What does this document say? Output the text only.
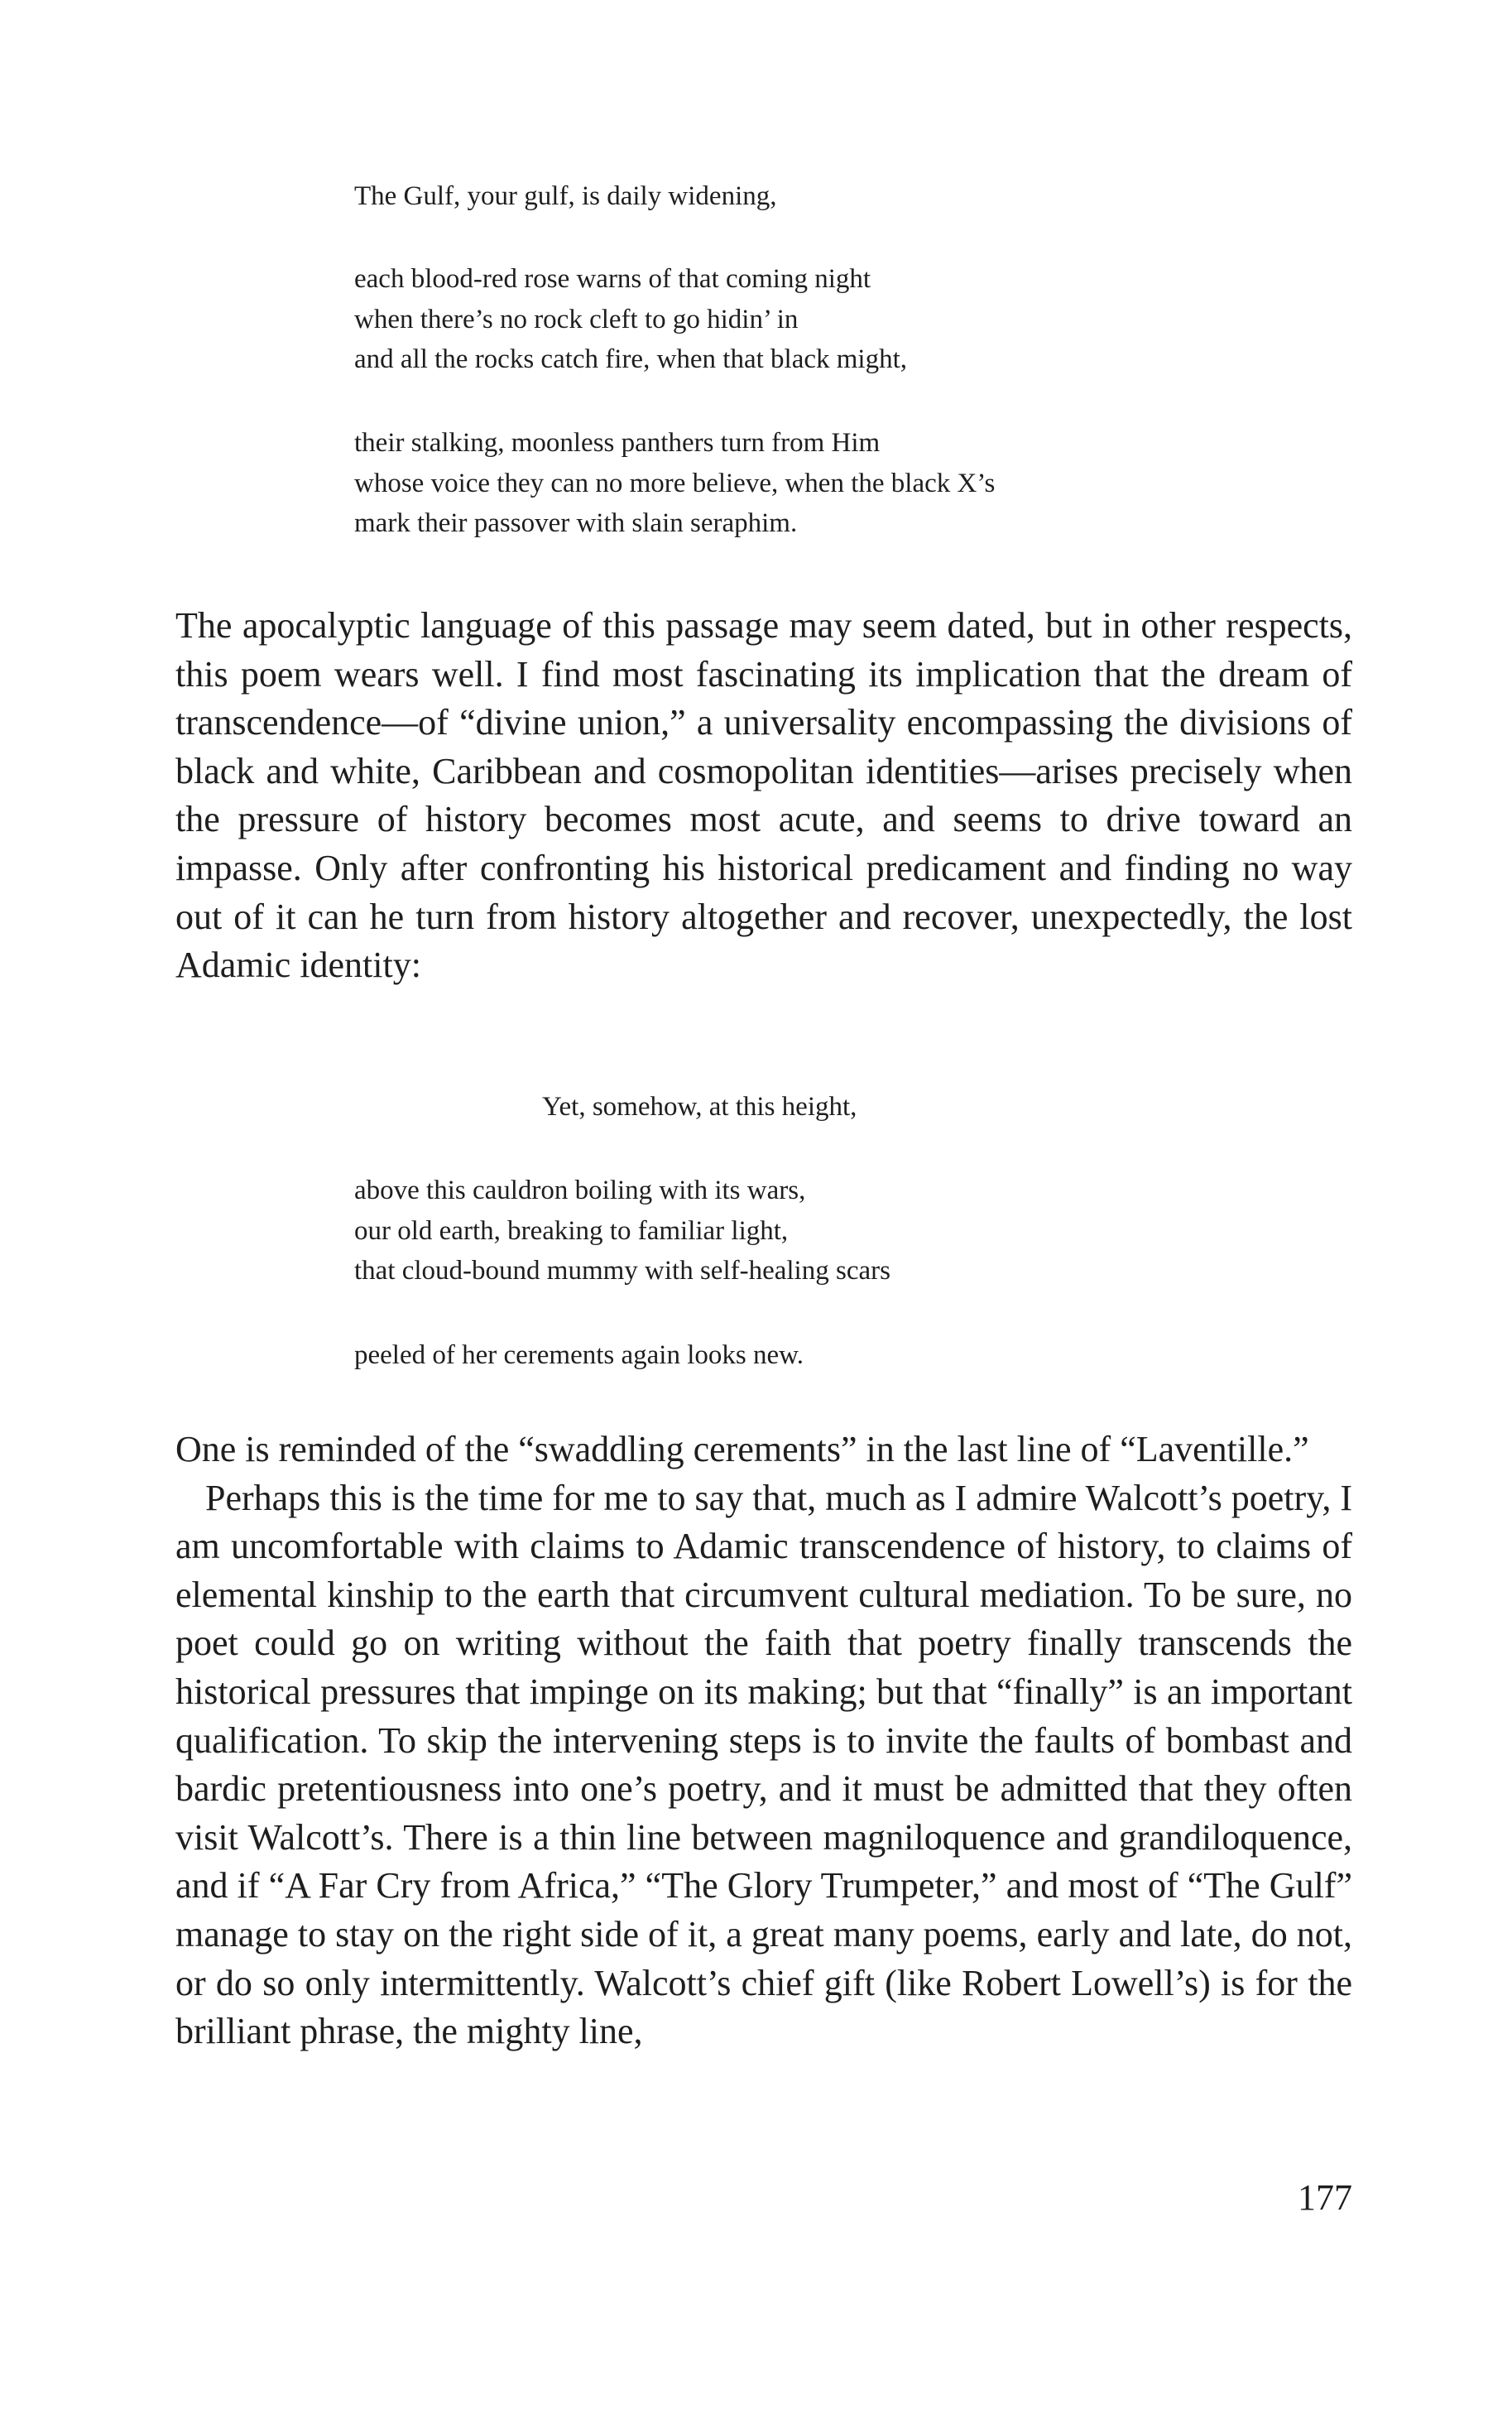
The Gulf, your gulf, is daily widening,
each blood-red rose warns of that coming night
when there’s no rock cleft to go hidin’ in
and all the rocks catch fire, when that black might,
their stalking, moonless panthers turn from Him
whose voice they can no more believe, when the black X’s
mark their passover with slain seraphim.

The apocalyptic language of this passage may seem dated, but in other respects, this poem wears well. I find most fascinating its implication that the dream of transcendence—of “divine union,” a universality encompassing the divisions of black and white, Caribbean and cosmopolitan identities—arises precisely when the pressure of history becomes most acute, and seems to drive toward an impasse. Only after confronting his historical predicament and finding no way out of it can he turn from history altogether and recover, unexpectedly, the lost Adamic identity:

Yet, somehow, at this height,
above this cauldron boiling with its wars,
our old earth, breaking to familiar light,
that cloud-bound mummy with self-healing scars
peeled of her cerements again looks new.

One is reminded of the “swaddling cerements” in the last line of “Laventille.”

Perhaps this is the time for me to say that, much as I admire Walcott’s poetry, I am uncomfortable with claims to Adamic transcendence of history, to claims of elemental kinship to the earth that circumvent cultural mediation. To be sure, no poet could go on writing without the faith that poetry finally transcends the historical pressures that impinge on its making; but that “finally” is an important qualification. To skip the intervening steps is to invite the faults of bombast and bardic pretentiousness into one’s poetry, and it must be admitted that they often visit Walcott’s. There is a thin line between magniloquence and grandiloquence, and if “A Far Cry from Africa,” “The Glory Trumpeter,” and most of “The Gulf” manage to stay on the right side of it, a great many poems, early and late, do not, or do so only intermittently. Walcott’s chief gift (like Robert Lowell’s) is for the brilliant phrase, the mighty line,

177
